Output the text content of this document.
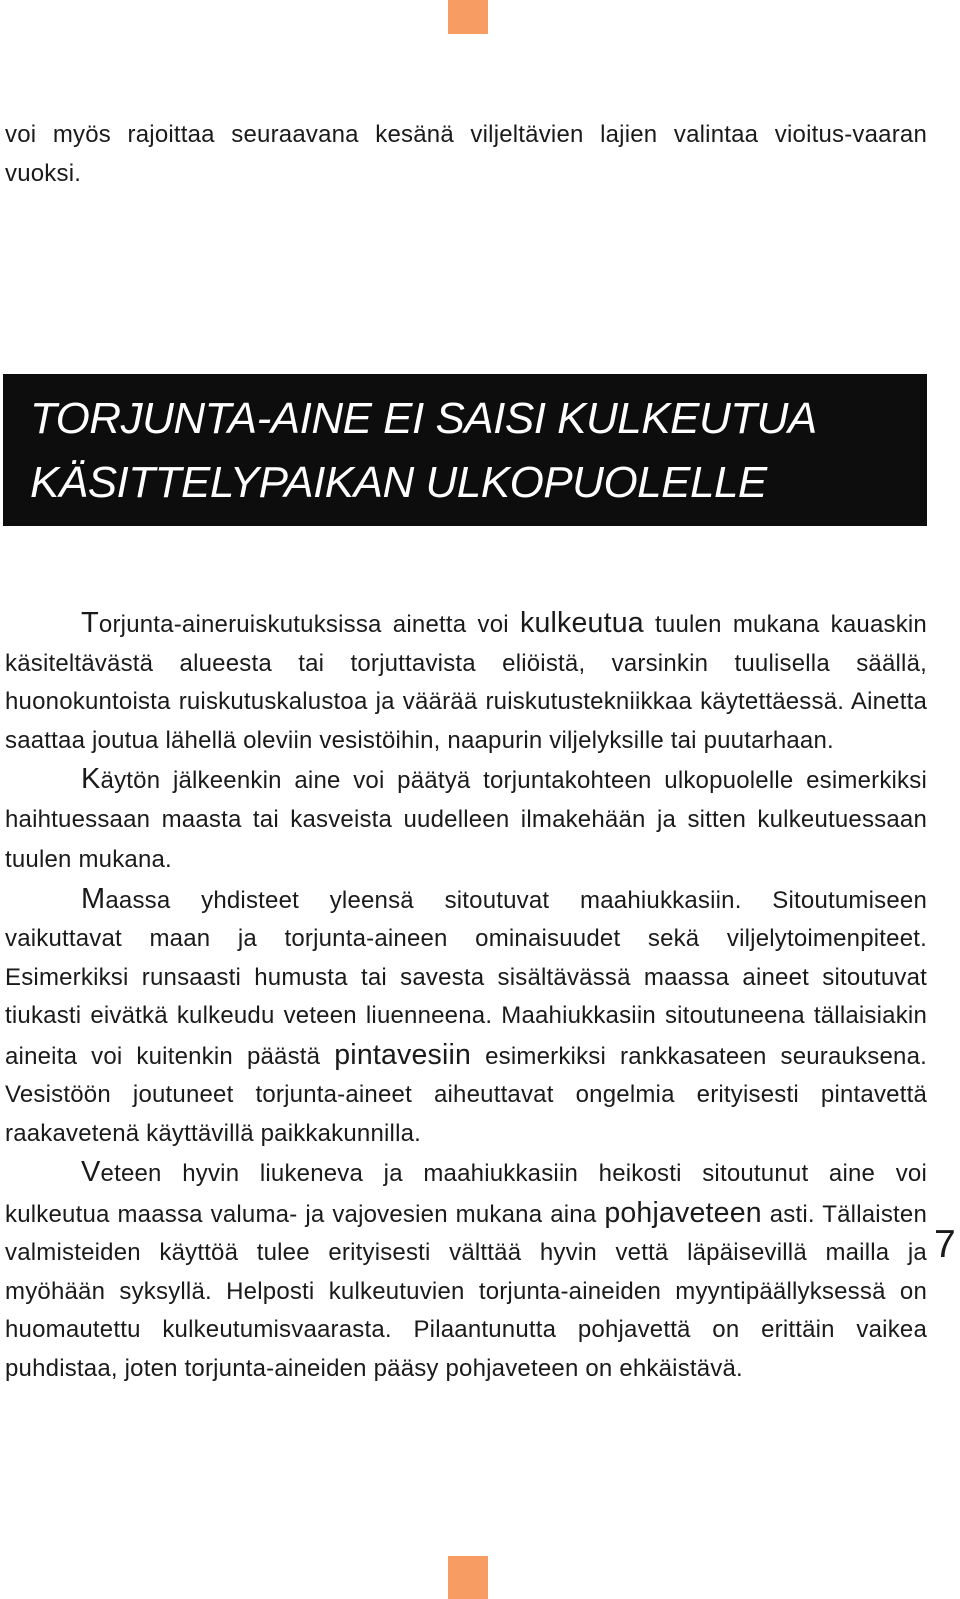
voi myös rajoittaa seuraavana kesänä viljeltävien lajien valintaa vioitus-vaaran vuoksi.

TORJUNTA-AINE EI SAISI KULKEUTUA
KÄSITTELYPAIKAN ULKOPUOLELLE

Torjunta-aineruiskutuksissa ainetta voi kulkeutua tuulen mukana kauaskin käsiteltävästä alueesta tai torjuttavista eliöistä, varsinkin tuulisella säällä, huonokuntoista ruiskutuskalustoa ja väärää ruiskutustekniikkaa käytettäessä. Ainetta saattaa joutua lähellä oleviin vesistöihin, naapurin viljelyksille tai puutarhaan.

Käytön jälkeenkin aine voi päätyä torjuntakohteen ulkopuolelle esimerkiksi haihtuessaan maasta tai kasveista uudelleen ilmakehään ja sitten kulkeutuessaan tuulen mukana.

Maassa yhdisteet yleensä sitoutuvat maahiukkasiin. Sitoutumiseen vaikuttavat maan ja torjunta-aineen ominaisuudet sekä viljelytoimenpiteet. Esimerkiksi runsaasti humusta tai savesta sisältävässä maassa aineet sitoutuvat tiukasti eivätkä kulkeudu veteen liuenneena. Maahiukkasiin sitoutuneena tällaisiakin aineita voi kuitenkin päästä pintavesiin esimerkiksi rankkasateen seurauksena. Vesistöön joutuneet torjunta-aineet aiheuttavat ongelmia erityisesti pintavettä raakavetenä käyttävillä paikkakunnilla.

Veteen hyvin liukeneva ja maahiukkasiin heikosti sitoutunut aine voi kulkeutua maassa valuma- ja vajovesien mukana aina pohjaveteen asti. Tällaisten valmisteiden käyttöä tulee erityisesti välttää hyvin vettä läpäisevillä mailla ja myöhään syksyllä. Helposti kulkeutuvien torjunta-aineiden myyntipäällyksessä on huomautettu kulkeutumisvaarasta. Pilaantunutta pohjavettä on erittäin vaikea puhdistaa, joten torjunta-aineiden pääsy pohjaveteen on ehkäistävä.

7
